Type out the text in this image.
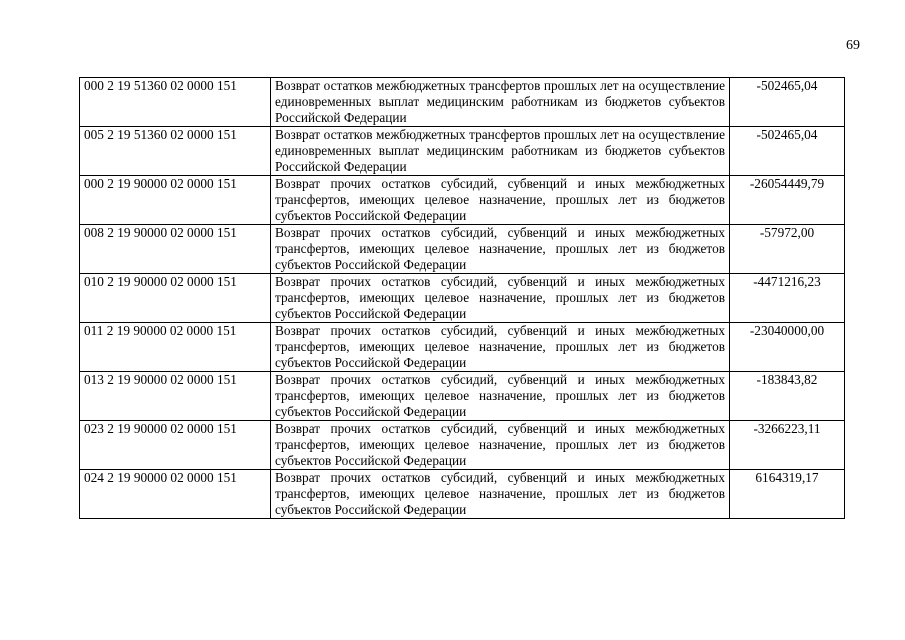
69
000 2 19 51360 02 0000 151	Возврат остатков межбюджетных трансфертов прошлых лет на осуществление единовременных выплат медицинским работникам из бюджетов субъектов Российской Федерации	-502465,04
005 2 19 51360 02 0000 151	Возврат остатков межбюджетных трансфертов прошлых лет на осуществление единовременных выплат медицинским работникам из бюджетов субъектов Российской Федерации	-502465,04
000 2 19 90000 02 0000 151	Возврат прочих остатков субсидий, субвенций и иных межбюджетных трансфертов, имеющих целевое назначение, прошлых лет из бюджетов субъектов Российской Федерации	-26054449,79
008 2 19 90000 02 0000 151	Возврат прочих остатков субсидий, субвенций и иных межбюджетных трансфертов, имеющих целевое назначение, прошлых лет из бюджетов субъектов Российской Федерации	-57972,00
010 2 19 90000 02 0000 151	Возврат прочих остатков субсидий, субвенций и иных межбюджетных трансфертов, имеющих целевое назначение, прошлых лет из бюджетов субъектов Российской Федерации	-4471216,23
011 2 19 90000 02 0000 151	Возврат прочих остатков субсидий, субвенций и иных межбюджетных трансфертов, имеющих целевое назначение, прошлых лет из бюджетов субъектов Российской Федерации	-23040000,00
013 2 19 90000 02 0000 151	Возврат прочих остатков субсидий, субвенций и иных межбюджетных трансфертов, имеющих целевое назначение, прошлых лет из бюджетов субъектов Российской Федерации	-183843,82
023 2 19 90000 02 0000 151	Возврат прочих остатков субсидий, субвенций и иных межбюджетных трансфертов, имеющих целевое назначение, прошлых лет из бюджетов субъектов Российской Федерации	-3266223,11
024 2 19 90000 02 0000 151	Возврат прочих остатков субсидий, субвенций и иных межбюджетных трансфертов, имеющих целевое назначение, прошлых лет из бюджетов субъектов Российской Федерации	6164319,17
